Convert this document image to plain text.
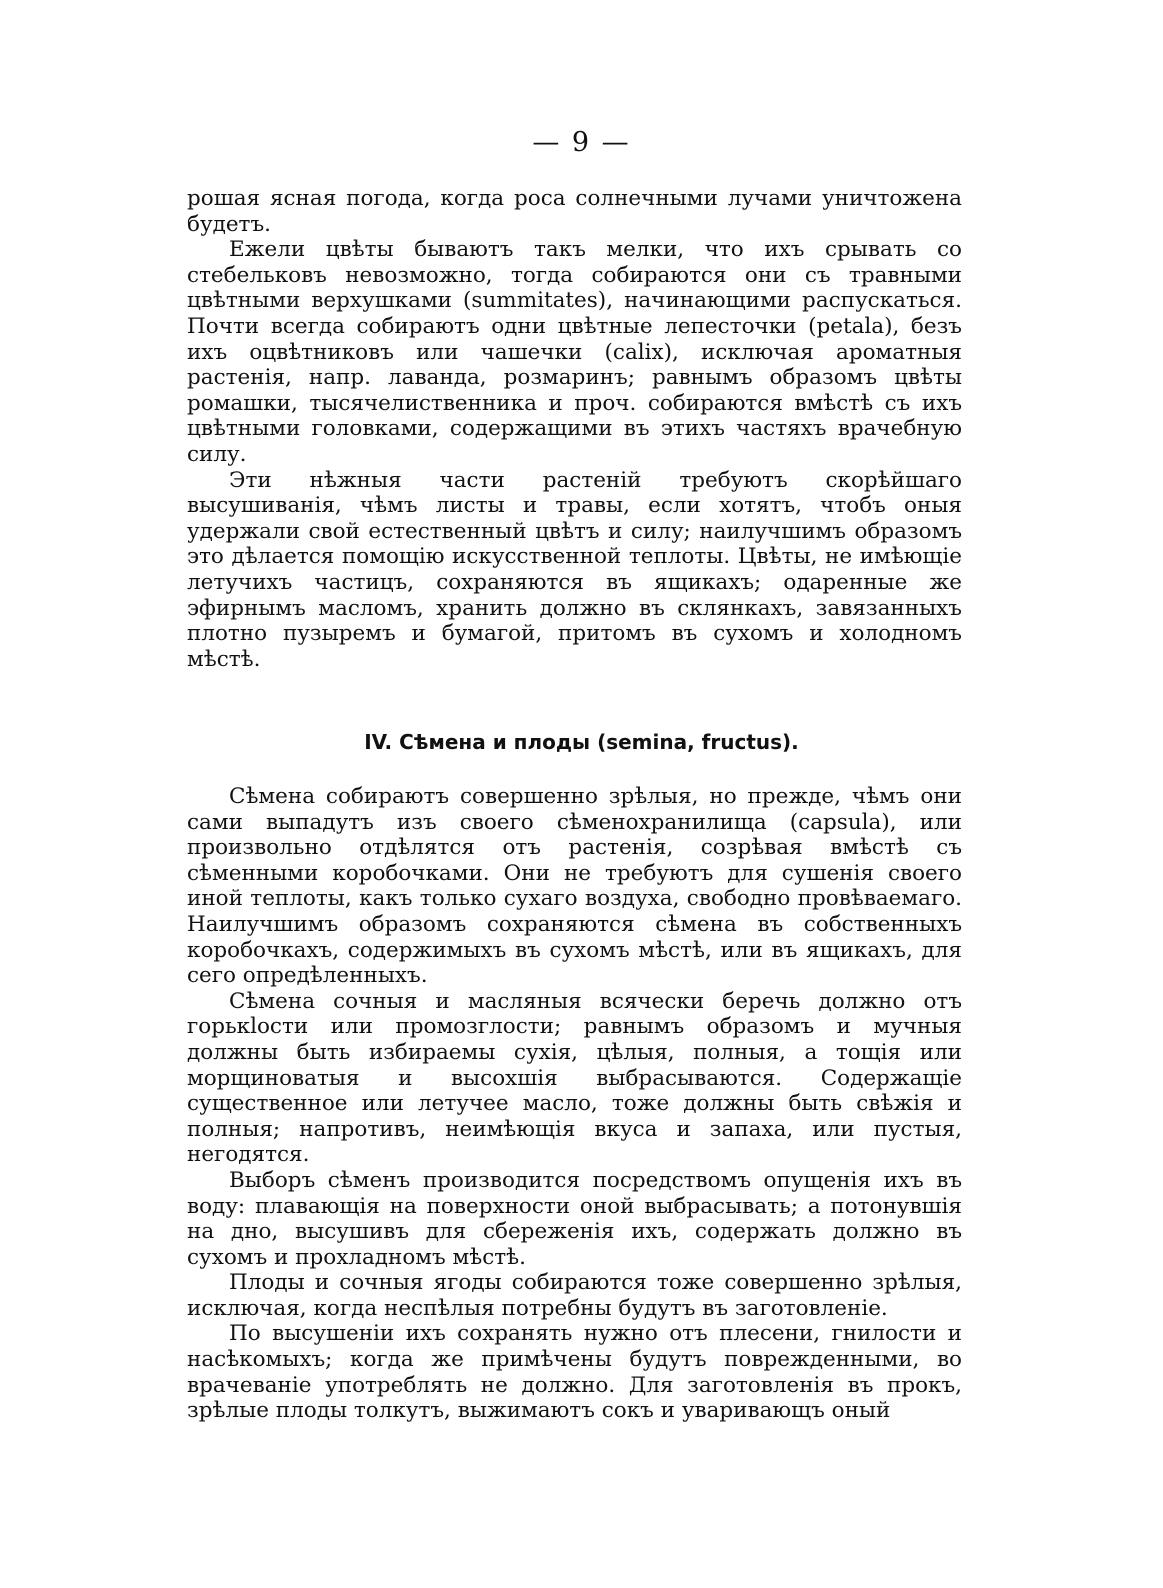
— 9 —

рошая ясная погода, когда роса солнечными лучами уничтожена будетъ.

Ежели цвѣты бываютъ такъ мелки, что ихъ срывать со стебельковъ невозможно, тогда собираются они съ травными цвѣтными верхушками (summitates), начинающими распускаться. Почти всегда собираютъ одни цвѣтные лепесточки (petala), безъ ихъ оцвѣтниковъ или чашечки (calix), исключая ароматныя растенія, напр. лаванда, розмаринъ; равнымъ образомъ цвѣты ромашки, тысячелиственника и проч. собираются вмѣстѣ съ ихъ цвѣтными головками, содержащими въ этихъ частяхъ врачебную силу.

Эти нѣжныя части растеній требуютъ скорѣйшаго высушиванія, чѣмъ листы и травы, если хотятъ, чтобъ оныя удержали свой естественный цвѣтъ и силу; наилучшимъ образомъ это дѣлается помощію искусственной теплоты. Цвѣты, не имѣющіе летучихъ частицъ, сохраняются въ ящикахъ; одаренные же эфирнымъ масломъ, хранить должно въ склянкахъ, завязанныхъ плотно пузыремъ и бумагой, притомъ въ сухомъ и холодномъ мѣстѣ.

IV. Сѣмена и плоды (semina, fructus).

Сѣмена собираютъ совершенно зрѣлыя, но прежде, чѣмъ они сами выпадутъ изъ своего сѣменохранилища (capsula), или произвольно отдѣлятся отъ растенія, созрѣвая вмѣстѣ съ сѣменными коробочками. Они не требуютъ для сушенія своего иной теплоты, какъ только сухаго воздуха, свободно провѣваемаго. Наилучшимъ образомъ сохраняются сѣмена въ собственныхъ коробочкахъ, содержимыхъ въ сухомъ мѣстѣ, или въ ящикахъ, для сего опредѣленныхъ.

Сѣмена сочныя и масляныя всячески беречь должно отъ горькlости или промозглости; равнымъ образомъ и мучныя должны быть избираемы сухія, цѣлыя, полныя, а тощія или морщиноватыя и высохшія выбрасываются. Содержащіе существенное или летучее масло, тоже должны быть свѣжія и полныя; напротивъ, неимѣющія вкуса и запаха, или пустыя, негодятся.

Выборъ сѣменъ производится посредствомъ опущенія ихъ въ воду: плавающія на поверхности оной выбрасывать; а потонувшія на дно, высушивъ для сбереженія ихъ, содержать должно въ сухомъ и прохладномъ мѣстѣ.

Плоды и сочныя ягоды собираются тоже совершенно зрѣлыя, исключая, когда неспѣлыя потребны будутъ въ заготовленіе.

По высушеніи ихъ сохранять нужно отъ плесени, гнилости и насѣкомыхъ; когда же примѣчены будутъ поврежденными, во врачеваніе употреблять не должно. Для заготовленія въ прокъ, зрѣлые плоды толкутъ, выжимаютъ сокъ и уваривающъ оный
